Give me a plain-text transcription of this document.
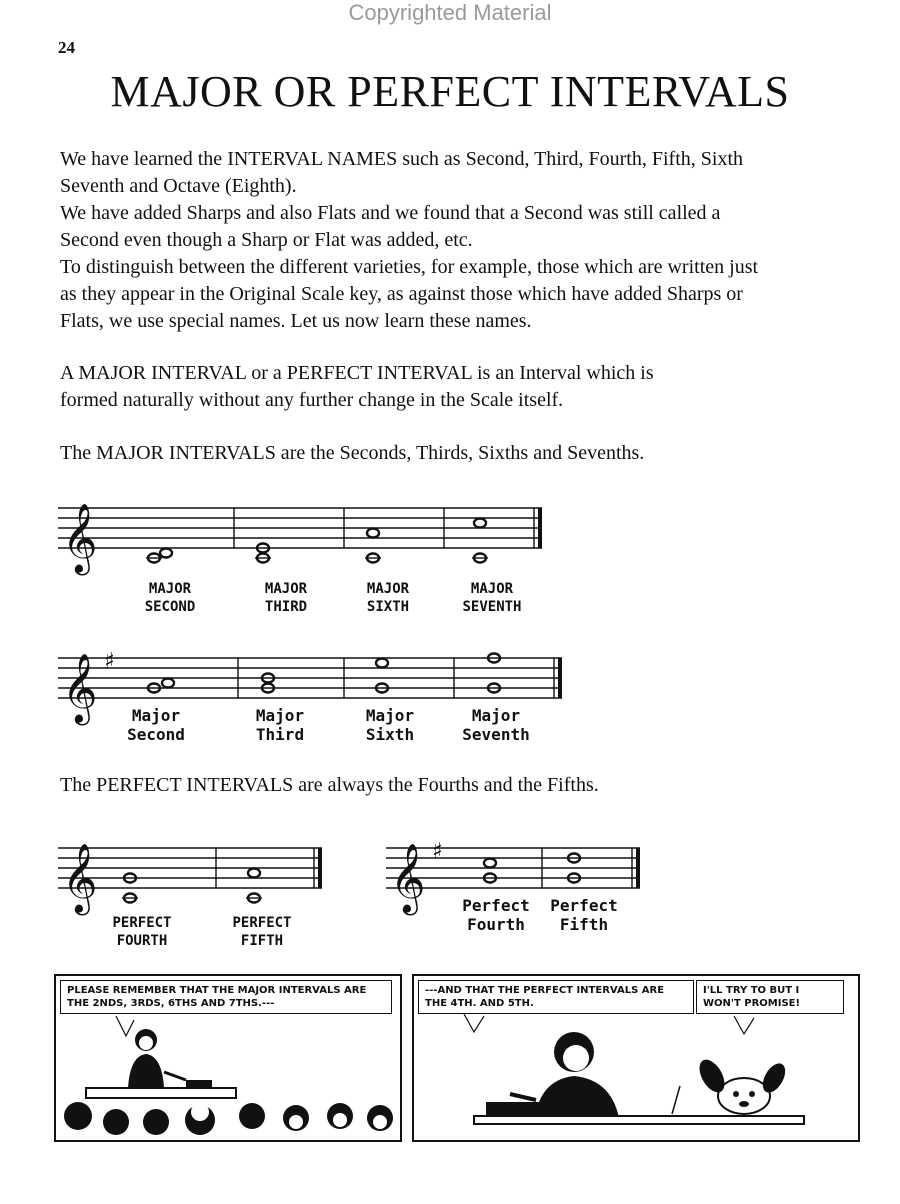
Copyrighted Material
24
MAJOR OR PERFECT INTERVALS

We have learned the INTERVAL NAMES such as Second, Third, Fourth, Fifth, Sixth

Seventh and Octave (Eighth).

We have added Sharps and also Flats and we found that a Second was still called a

Second even though a Sharp or Flat was added, etc.

To distinguish between the different varieties, for example, those which are written just

as they appear in the Original Scale key, as against those which have added Sharps or

Flats, we use special names. Let us now learn these names.

A MAJOR INTERVAL or a PERFECT INTERVAL is an Interval which is

formed naturally without any further change in the Scale itself.

The MAJOR INTERVALS are the Seconds, Thirds, Sixths and Sevenths.
𝄞
MAJOR
SECOND
MAJOR
THIRD
MAJOR
SIXTH
MAJOR
SEVENTH
𝄞 ♯
Major
Second
Major
Third
Major
Sixth
Major
Seventh
The PERFECT INTERVALS are always the Fourths and the Fifths.
𝄞
PERFECT
FOURTH
PERFECT
FIFTH
𝄞 ♯
Perfect
Fourth
Perfect
Fifth
PLEASE REMEMBER THAT THE MAJOR INTERVALS ARE THE 2NDS, 3RDS, 6THS AND 7THS.---
---AND THAT THE PERFECT INTERVALS ARE THE 4TH. AND 5TH.
I'LL TRY TO BUT I WON'T PROMISE!
